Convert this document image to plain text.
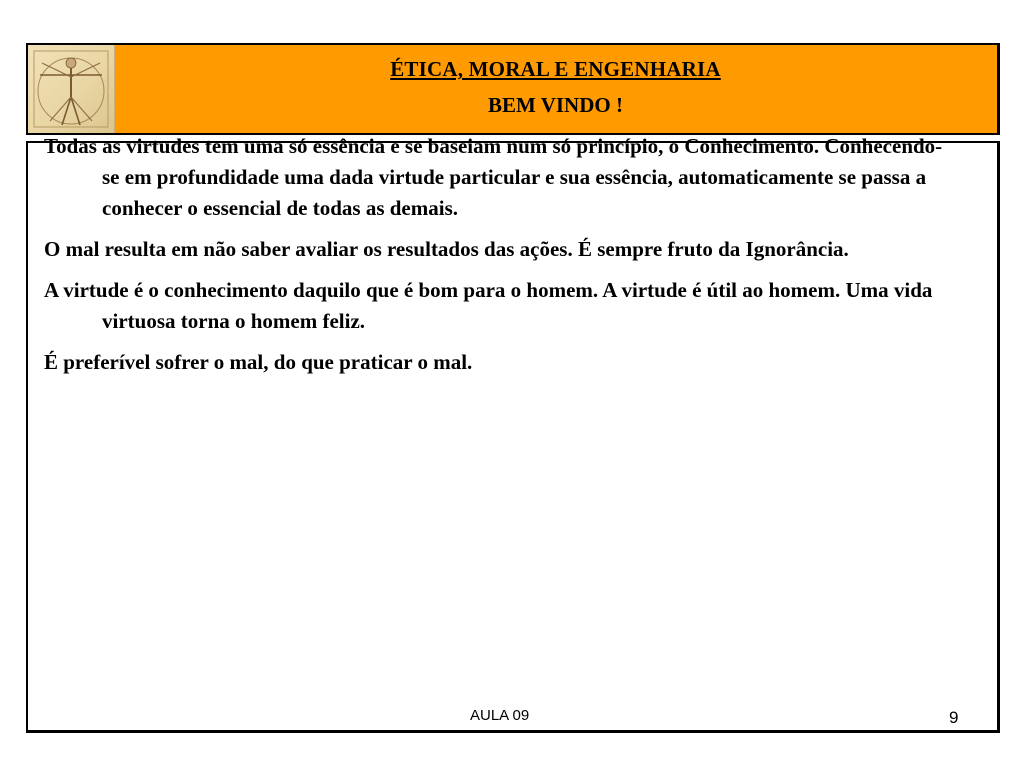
ÉTICA, MORAL E ENGENHARIA
BEM VINDO !

Todas as virtudes tem uma só essência e se baseiam num só princípio, o Conhecimento. Conhecendo-se em profundidade uma dada virtude particular e sua essência, automaticamente se passa a conhecer o essencial de todas as demais.

O mal resulta em não saber avaliar os resultados das ações. É sempre fruto da Ignorância.

A virtude é o conhecimento daquilo que é bom para o homem. A virtude é útil ao homem. Uma vida virtuosa torna o homem feliz.

É preferível sofrer o mal, do que praticar o mal.

AULA 09	9
